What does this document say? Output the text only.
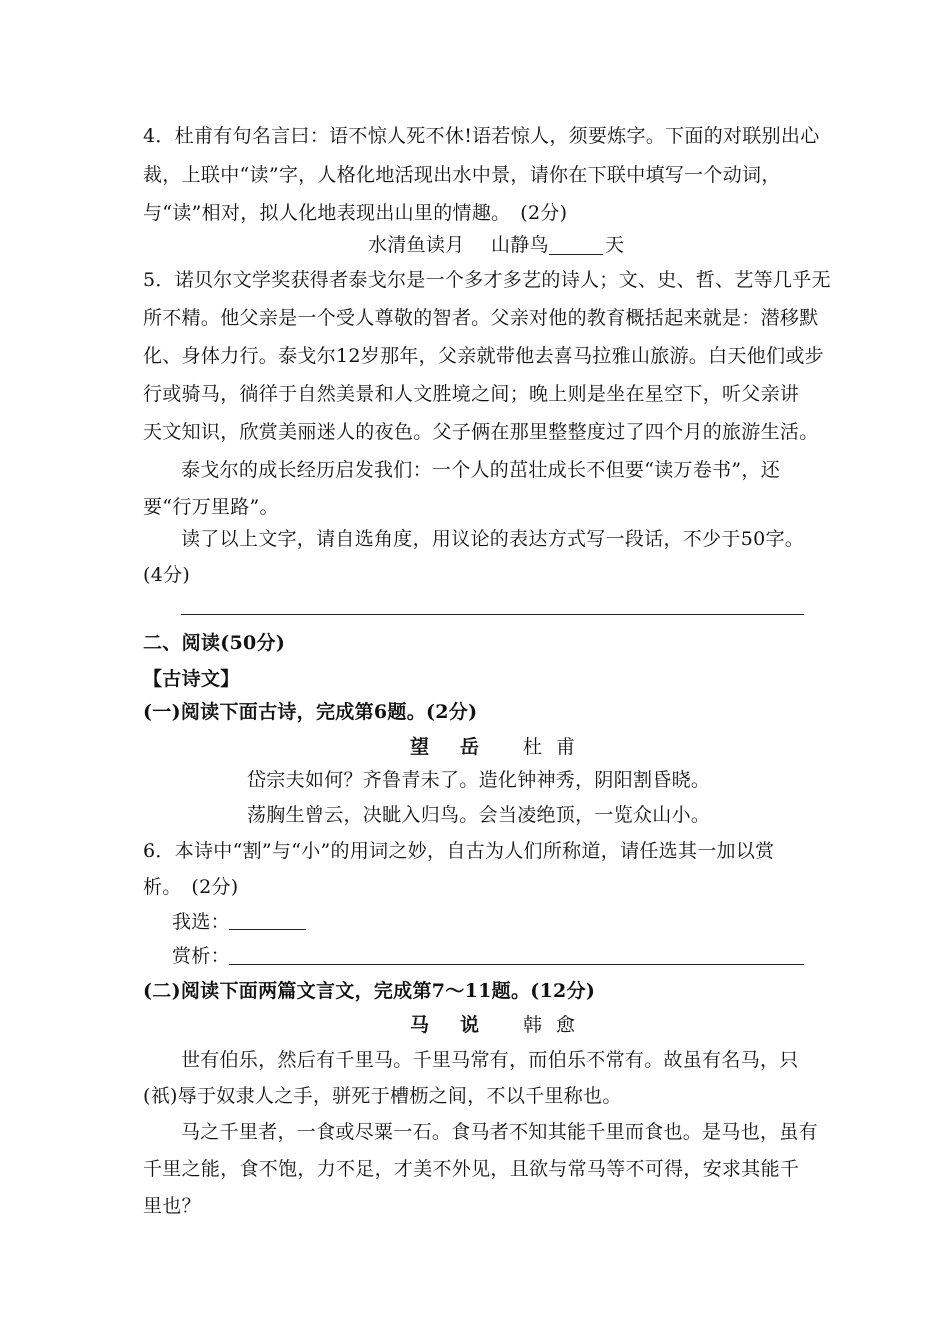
4．杜甫有句名言曰：语不惊人死不休!语若惊人，须要炼字。下面的对联别出心
裁，上联中“读”字，人格化地活现出水中景，请你在下联中填写一个动词，
与“读”相对，拟人化地表现出山里的情趣。　(2分)
水清鱼读月 山静鸟	天
5．诺贝尔文学奖获得者泰戈尔是一个多才多艺的诗人；文、史、哲、艺等几乎无
所不精。他父亲是一个受人尊敬的智者。父亲对他的教育概括起来就是：潜移默
化、身体力行。泰戈尔12岁那年，父亲就带他去喜马拉雅山旅游。白天他们或步
行或骑马，徜徉于自然美景和人文胜境之间；晚上则是坐在星空下，听父亲讲
天文知识，欣赏美丽迷人的夜色。父子俩在那里整整度过了四个月的旅游生活。
泰戈尔的成长经历启发我们：一个人的茁壮成长不但要“读万卷书”，还
要“行万里路”。
读了以上文字，请自选角度，用议论的表达方式写一段话，不少于50字。
(4分)
二、阅读(50分)
【古诗文】
(一)阅读下面古诗，完成第6题。(2分)
望　岳 杜 甫
岱宗夫如何？齐鲁青未了。造化钟神秀，阴阳割昏晓。
荡胸生曾云，决眦入归鸟。会当凌绝顶，一览众山小。
6．本诗中“割”与“小”的用词之妙，自古为人们所称道，请任选其一加以赏
析。　(2分)
我选：
赏析：
(二)阅读下面两篇文言文，完成第7～11题。(12分)
马　说 韩 愈
世有伯乐，然后有千里马。千里马常有，而伯乐不常有。故虽有名马，只
(祇)辱于奴隶人之手，骈死于槽枥之间，不以千里称也。
马之千里者，一食或尽粟一石。食马者不知其能千里而食也。是马也，虽有
千里之能，食不饱，力不足，才美不外见，且欲与常马等不可得，安求其能千
里也？
